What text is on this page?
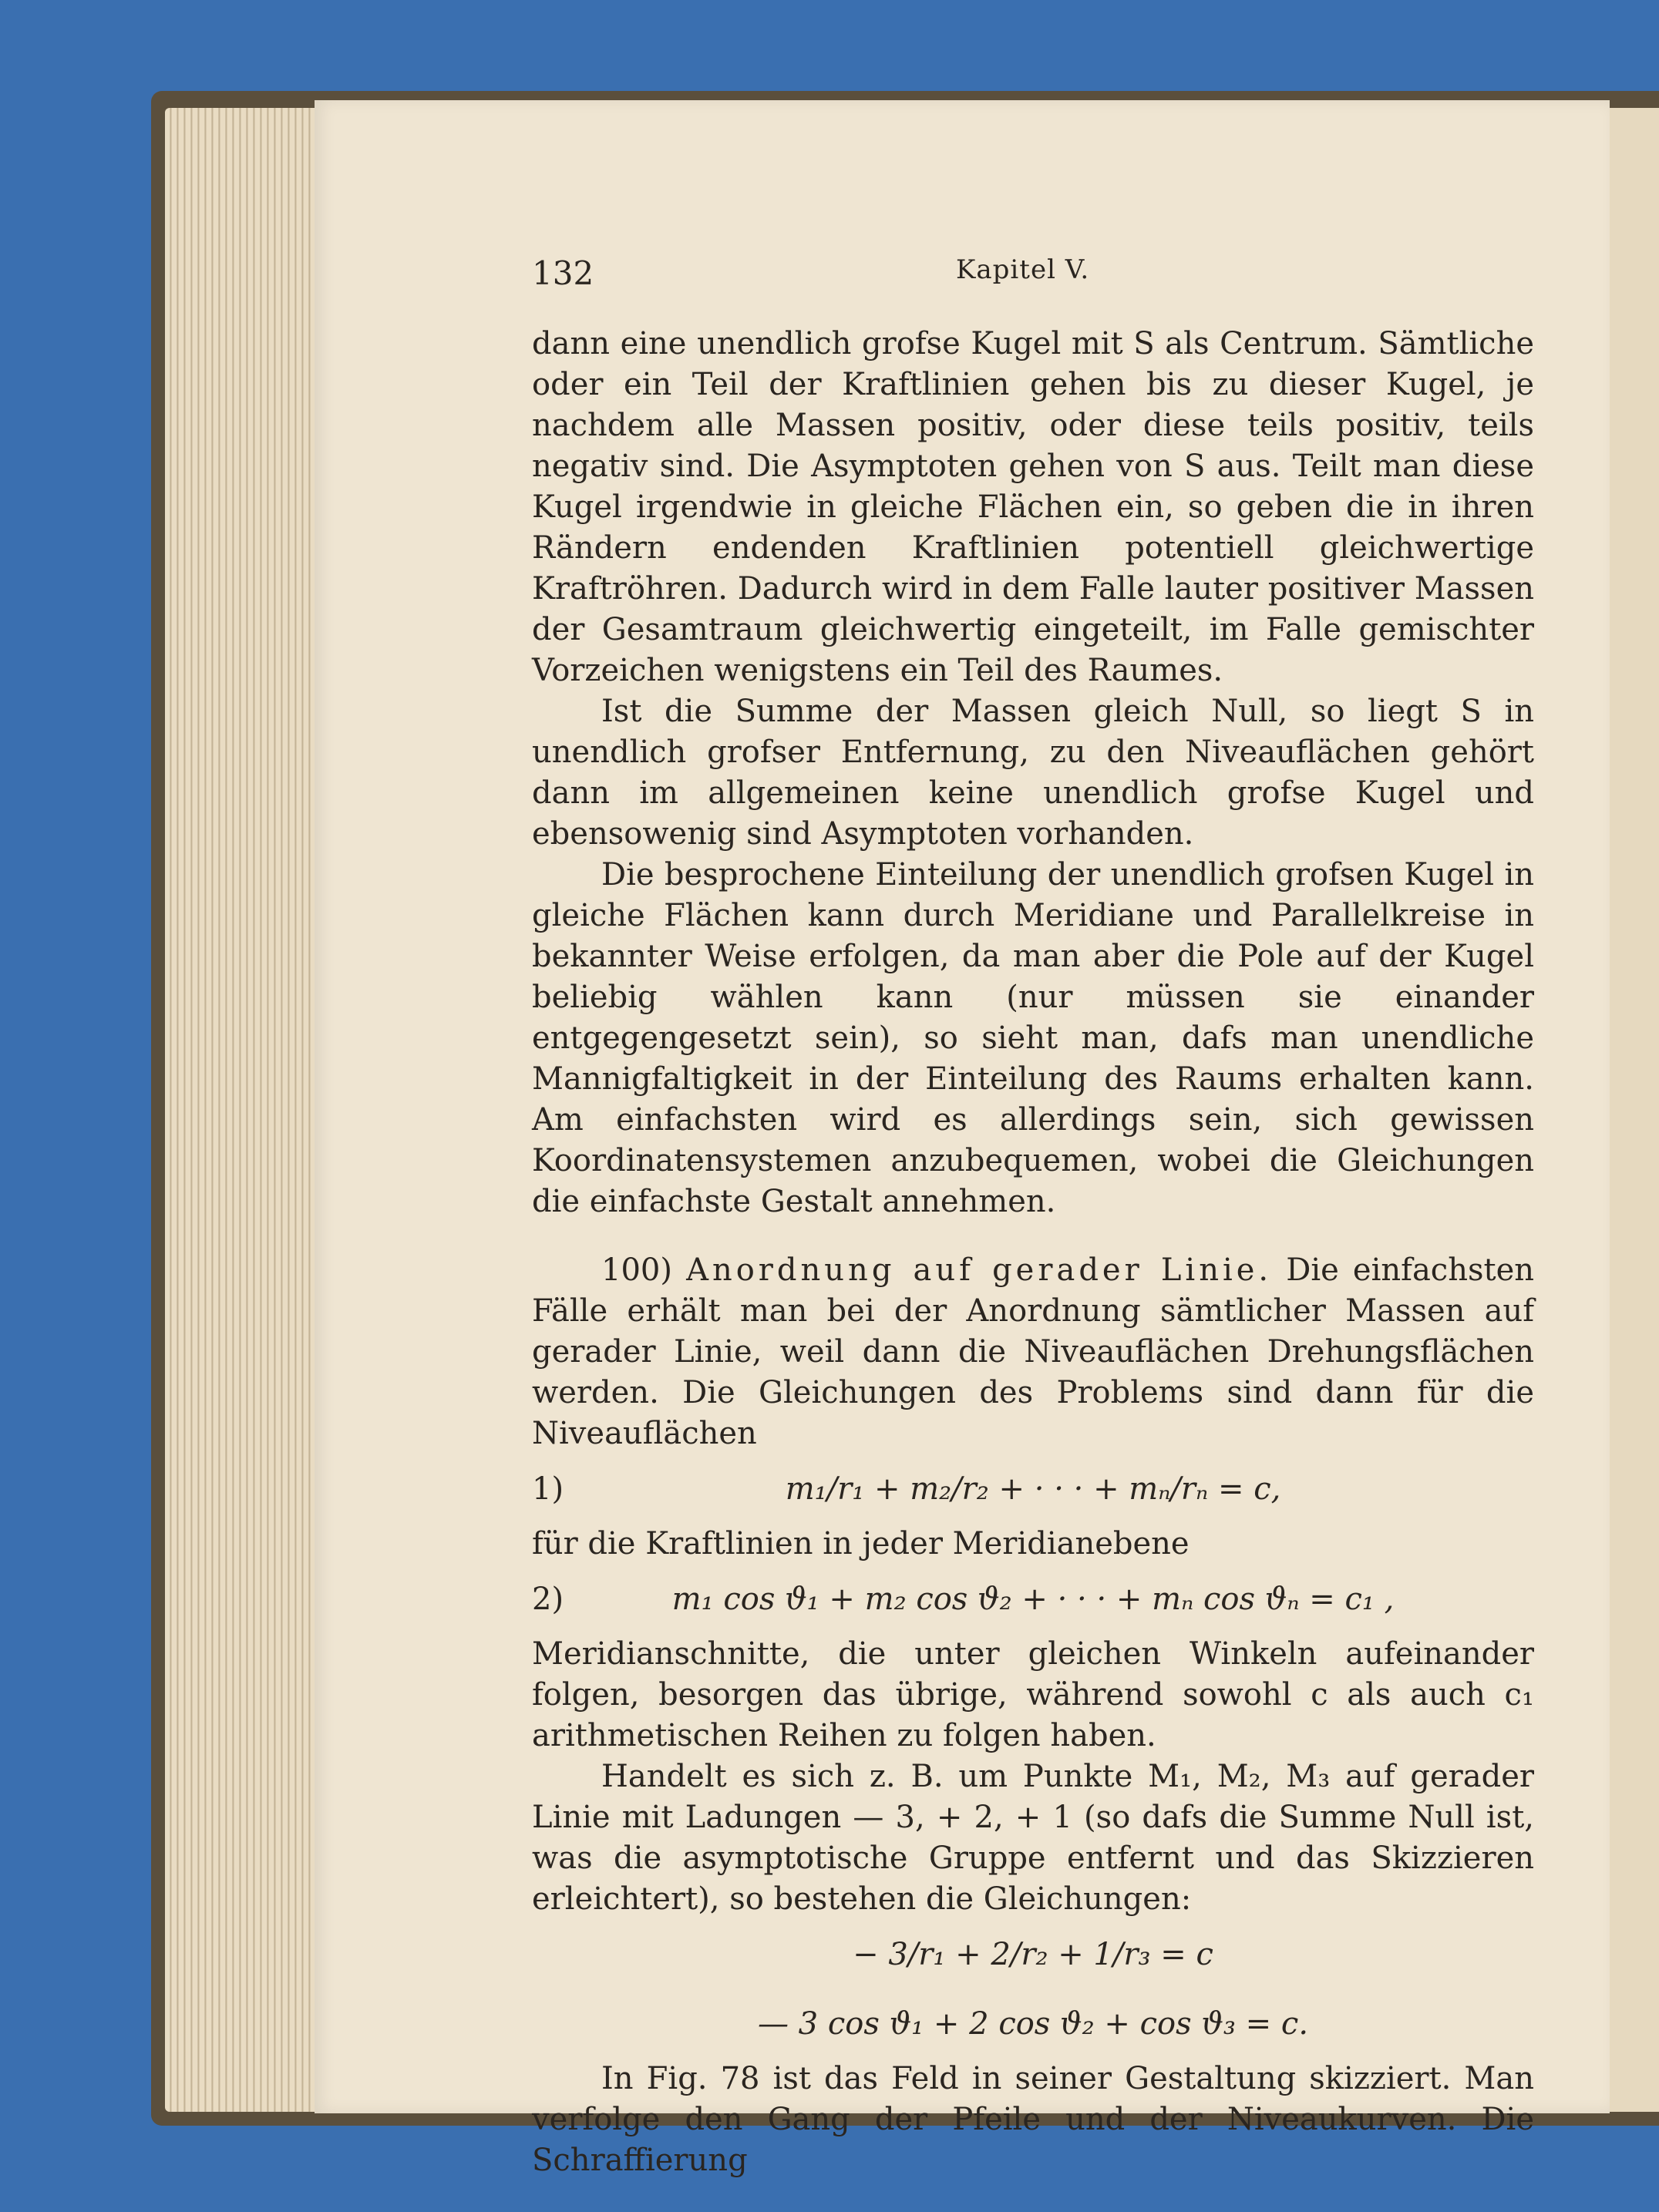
132	Kapitel V.

dann eine unendlich grofse Kugel mit S als Centrum. Sämtliche oder ein Teil der Kraftlinien gehen bis zu dieser Kugel, je nachdem alle Massen positiv, oder diese teils positiv, teils negativ sind. Die Asymptoten gehen von S aus. Teilt man diese Kugel irgendwie in gleiche Flächen ein, so geben die in ihren Rändern endenden Kraftlinien potentiell gleichwertige Kraftröhren. Dadurch wird in dem Falle lauter positiver Massen der Gesamtraum gleichwertig eingeteilt, im Falle gemischter Vorzeichen wenigstens ein Teil des Raumes.

Ist die Summe der Massen gleich Null, so liegt S in unendlich grofser Entfernung, zu den Niveauflächen gehört dann im allgemeinen keine unendlich grofse Kugel und ebensowenig sind Asymptoten vorhanden.

Die besprochene Einteilung der unendlich grofsen Kugel in gleiche Flächen kann durch Meridiane und Parallelkreise in bekannter Weise erfolgen, da man aber die Pole auf der Kugel beliebig wählen kann (nur müssen sie einander entgegengesetzt sein), so sieht man, dafs man unendliche Mannigfaltigkeit in der Einteilung des Raums erhalten kann. Am einfachsten wird es allerdings sein, sich gewissen Koordinatensystemen anzubequemen, wobei die Gleichungen die einfachste Gestalt annehmen.

100) Anordnung auf gerader Linie. Die einfachsten Fälle erhält man bei der Anordnung sämtlicher Massen auf gerader Linie, weil dann die Niveauflächen Drehungsflächen werden. Die Gleichungen des Problems sind dann für die Niveauflächen

1)	m₁/r₁ + m₂/r₂ + · · · + mₙ/rₙ = c,

für die Kraftlinien in jeder Meridianebene

2)	m₁ cos ϑ₁ + m₂ cos ϑ₂ + · · · + mₙ cos ϑₙ = c₁ ,

Meridianschnitte, die unter gleichen Winkeln aufeinander folgen, besorgen das übrige, während sowohl c als auch c₁ arithmetischen Reihen zu folgen haben.

Handelt es sich z. B. um Punkte M₁, M₂, M₃ auf gerader Linie mit Ladungen — 3, + 2, + 1 (so dafs die Summe Null ist, was die asymptotische Gruppe entfernt und das Skizzieren erleichtert), so bestehen die Gleichungen:

− 3/r₁ + 2/r₂ + 1/r₃ = c
— 3 cos ϑ₁ + 2 cos ϑ₂ + cos ϑ₃ = c.

In Fig. 78 ist das Feld in seiner Gestaltung skizziert. Man verfolge den Gang der Pfeile und der Niveaukurven. Die Schraffierung
